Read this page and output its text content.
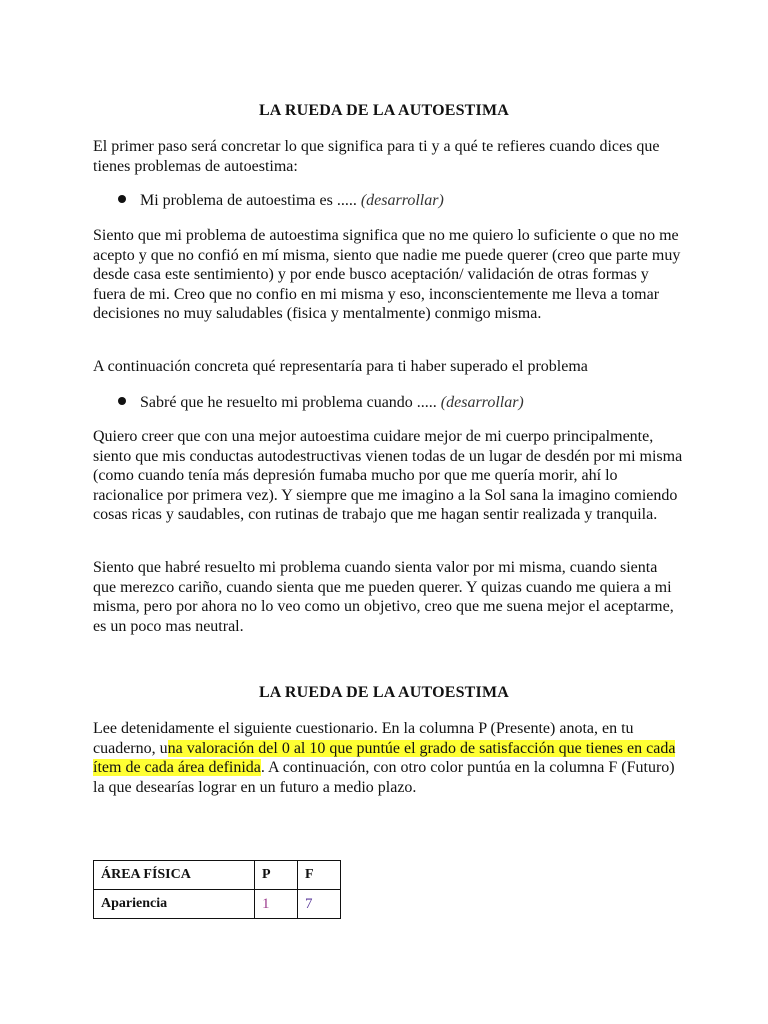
LA RUEDA DE LA AUTOESTIMA
El primer paso será concretar lo que significa para ti y a qué te refieres cuando dices que tienes problemas de autoestima:
Mi problema de autoestima es ..... (desarrollar)
Siento que mi problema de autoestima significa que no me quiero lo suficiente o que no me acepto y que no confió en mí misma, siento que nadie me puede querer (creo que parte muy desde casa este sentimiento) y por ende busco aceptación/ validación de otras formas y fuera de mi. Creo que no confio en mi misma y eso, inconscientemente me lleva a tomar decisiones no muy saludables (fisica y mentalmente) conmigo misma.
A continuación concreta qué representaría para ti haber superado el problema
Sabré que he resuelto mi problema cuando ..... (desarrollar)
Quiero creer que con una mejor autoestima cuidare mejor de mi cuerpo principalmente, siento que mis conductas autodestructivas vienen todas de un lugar de desdén por mi misma (como cuando tenía más depresión fumaba mucho por que me quería morir, ahí lo racionalice por primera vez). Y siempre que me imagino a la Sol sana la imagino comiendo cosas ricas y saudables, con rutinas de trabajo que me hagan sentir realizada y tranquila.
Siento que habré resuelto mi problema cuando sienta valor por mi misma, cuando sienta que merezco cariño, cuando sienta que me pueden querer. Y quizas cuando me quiera a mi misma, pero por ahora no lo veo como un objetivo, creo que me suena mejor el aceptarme, es un poco mas neutral.
LA RUEDA DE LA AUTOESTIMA
Lee detenidamente el siguiente cuestionario. En la columna P (Presente) anota, en tu cuaderno, una valoración del 0 al 10 que puntúe el grado de satisfacción que tienes en cada ítem de cada área definida. A continuación, con otro color puntúa en la columna F (Futuro) la que desearías lograr en un futuro a medio plazo.
ÁREA FÍSICA	P	F
Apariencia	1	7
